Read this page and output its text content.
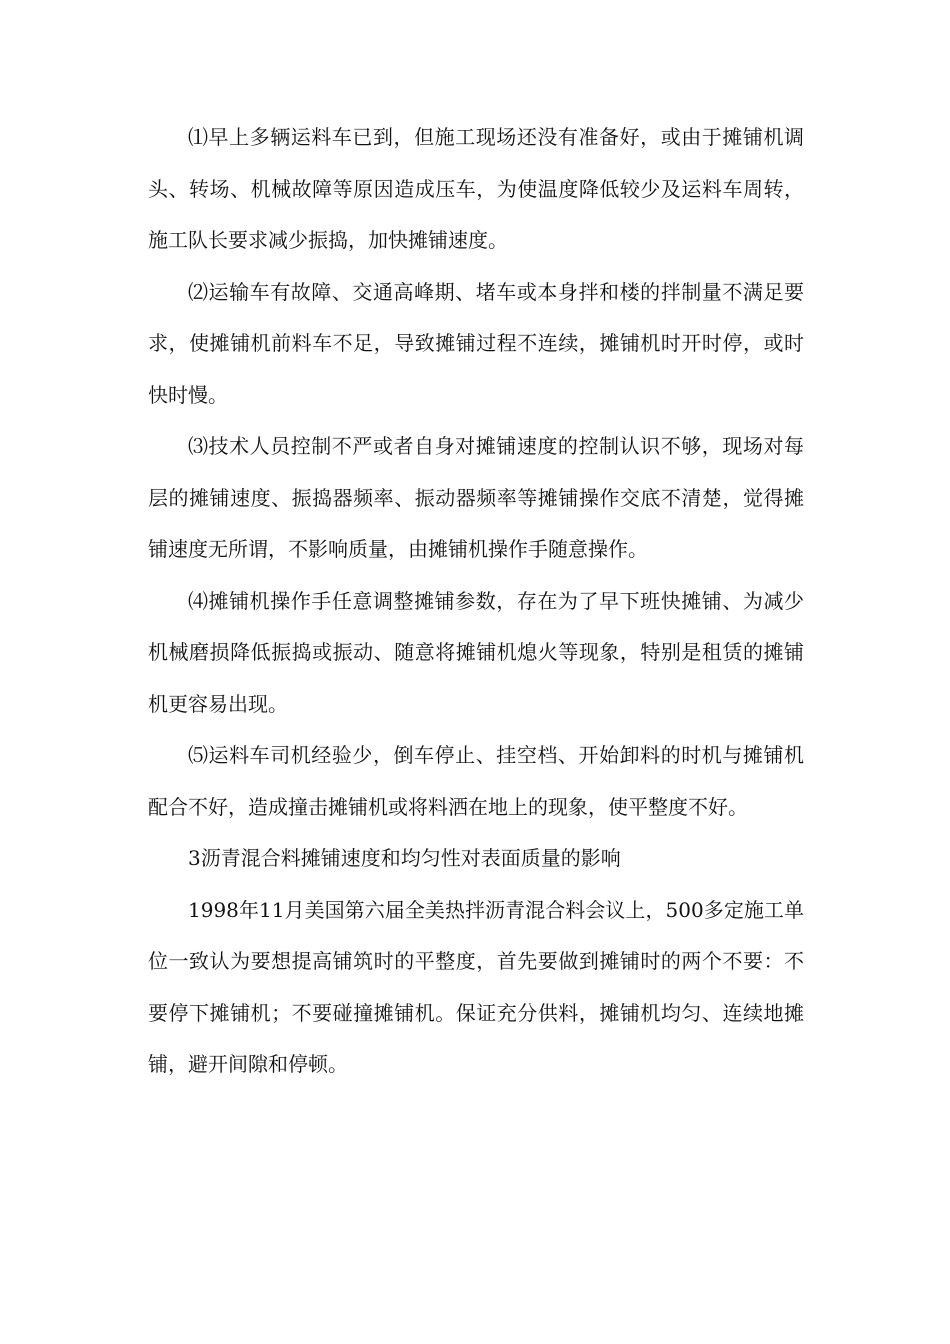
⑴早上多辆运料车已到，但施工现场还没有准备好，或由于摊铺机调头、转场、机械故障等原因造成压车，为使温度降低较少及运料车周转，施工队长要求减少振捣，加快摊铺速度。

⑵运输车有故障、交通高峰期、堵车或本身拌和楼的拌制量不满足要求，使摊铺机前料车不足，导致摊铺过程不连续，摊铺机时开时停，或时快时慢。

⑶技术人员控制不严或者自身对摊铺速度的控制认识不够，现场对每层的摊铺速度、振捣器频率、振动器频率等摊铺操作交底不清楚，觉得摊铺速度无所谓，不影响质量，由摊铺机操作手随意操作。

⑷摊铺机操作手任意调整摊铺参数，存在为了早下班快摊铺、为减少机械磨损降低振捣或振动、随意将摊铺机熄火等现象，特别是租赁的摊铺机更容易出现。

⑸运料车司机经验少，倒车停止、挂空档、开始卸料的时机与摊铺机配合不好，造成撞击摊铺机或将料洒在地上的现象，使平整度不好。

3沥青混合料摊铺速度和均匀性对表面质量的影响

1998年11月美国第六届全美热拌沥青混合料会议上，500多定施工单位一致认为要想提高铺筑时的平整度，首先要做到摊铺时的两个不要：不要停下摊铺机；不要碰撞摊铺机。保证充分供料，摊铺机均匀、连续地摊铺，避开间隙和停顿。
